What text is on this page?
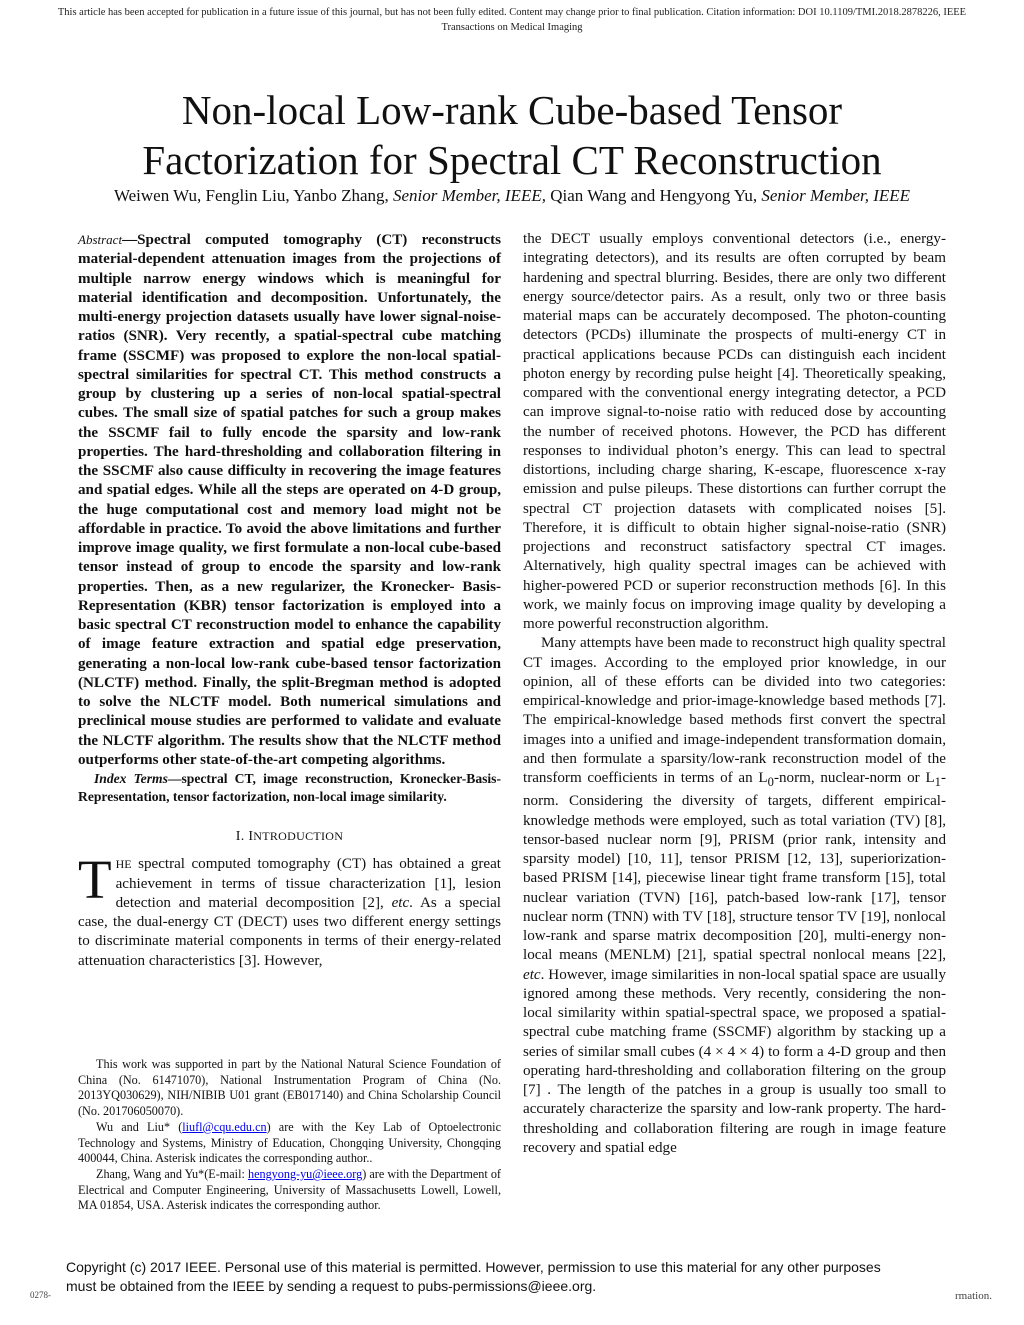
This article has been accepted for publication in a future issue of this journal, but has not been fully edited. Content may change prior to final publication. Citation information: DOI 10.1109/TMI.2018.2878226, IEEE
Transactions on Medical Imaging
Non-local Low-rank Cube-based Tensor
Factorization for Spectral CT Reconstruction
Weiwen Wu, Fenglin Liu, Yanbo Zhang, Senior Member, IEEE, Qian Wang and Hengyong Yu, Senior Member, IEEE

Abstract—Spectral computed tomography (CT) reconstructs material-dependent attenuation images from the projections of multiple narrow energy windows which is meaningful for material identification and decomposition. Unfortunately, the multi-energy projection datasets usually have lower signal-noise-ratios (SNR). Very recently, a spatial-spectral cube matching frame (SSCMF) was proposed to explore the non-local spatial-spectral similarities for spectral CT. This method constructs a group by clustering up a series of non-local spatial-spectral cubes. The small size of spatial patches for such a group makes the SSCMF fail to fully encode the sparsity and low-rank properties. The hard-thresholding and collaboration filtering in the SSCMF also cause difficulty in recovering the image features and spatial edges. While all the steps are operated on 4-D group, the huge computational cost and memory load might not be affordable in practice. To avoid the above limitations and further improve image quality, we first formulate a non-local cube-based tensor instead of group to encode the sparsity and low-rank properties. Then, as a new regularizer, the Kronecker- Basis-Representation (KBR) tensor factorization is employed into a basic spectral CT reconstruction model to enhance the capability of image feature extraction and spatial edge preservation, generating a non-local low-rank cube-based tensor factorization (NLCTF) method. Finally, the split-Bregman method is adopted to solve the NLCTF model. Both numerical simulations and preclinical mouse studies are performed to validate and evaluate the NLCTF algorithm. The results show that the NLCTF method outperforms other state-of-the-art competing algorithms.

Index Terms—spectral CT, image reconstruction, Kronecker-Basis-Representation, tensor factorization, non-local image similarity.

I. INTRODUCTION

THE spectral computed tomography (CT) has obtained a great achievement in terms of tissue characterization [1], lesion detection and material decomposition [2], etc. As a special case, the dual-energy CT (DECT) uses two different energy settings to discriminate material components in terms of their energy-related attenuation characteristics [3]. However,

This work was supported in part by the National Natural Science Foundation of China (No. 61471070), National Instrumentation Program of China (No. 2013YQ030629), NIH/NIBIB U01 grant (EB017140) and China Scholarship Council (No. 201706050070).

Wu and Liu* (liufl@cqu.edu.cn) are with the Key Lab of Optoelectronic Technology and Systems, Ministry of Education, Chongqing University, Chongqing 400044, China. Asterisk indicates the corresponding author..

Zhang, Wang and Yu*(E-mail: hengyong-yu@ieee.org) are with the Department of Electrical and Computer Engineering, University of Massachusetts Lowell, Lowell, MA 01854, USA. Asterisk indicates the corresponding author.

the DECT usually employs conventional detectors (i.e., energy-integrating detectors), and its results are often corrupted by beam hardening and spectral blurring. Besides, there are only two different energy source/detector pairs. As a result, only two or three basis material maps can be accurately decomposed. The photon-counting detectors (PCDs) illuminate the prospects of multi-energy CT in practical applications because PCDs can distinguish each incident photon energy by recording pulse height [4]. Theoretically speaking, compared with the conventional energy integrating detector, a PCD can improve signal-to-noise ratio with reduced dose by accounting the number of received photons. However, the PCD has different responses to individual photon’s energy. This can lead to spectral distortions, including charge sharing, K-escape, fluorescence x-ray emission and pulse pileups. These distortions can further corrupt the spectral CT projection datasets with complicated noises [5]. Therefore, it is difficult to obtain higher signal-noise-ratio (SNR) projections and reconstruct satisfactory spectral CT images. Alternatively, high quality spectral images can be achieved with higher-powered PCD or superior reconstruction methods [6]. In this work, we mainly focus on improving image quality by developing a more powerful reconstruction algorithm.

Many attempts have been made to reconstruct high quality spectral CT images. According to the employed prior knowledge, in our opinion, all of these efforts can be divided into two categories: empirical-knowledge and prior-image-knowledge based methods [7]. The empirical-knowledge based methods first convert the spectral images into a unified and image-independent transformation domain, and then formulate a sparsity/low-rank reconstruction model of the transform coefficients in terms of an $L_0$-norm, nuclear-norm or $L_1$-norm. Considering the diversity of targets, different empirical-knowledge methods were employed, such as total variation (TV) [8], tensor-based nuclear norm [9], PRISM (prior rank, intensity and sparsity model) [10, 11], tensor PRISM [12, 13], superiorization-based PRISM [14], piecewise linear tight frame transform [15], total nuclear variation (TVN) [16], patch-based low-rank [17], tensor nuclear norm (TNN) with TV [18], structure tensor TV [19], nonlocal low-rank and sparse matrix decomposition [20], multi-energy non-local means (MENLM) [21], spatial spectral nonlocal means [22], etc. However, image similarities in non-local spatial space are usually ignored among these methods. Very recently, considering the non-local similarity within spatial-spectral space, we proposed a spatial-spectral cube matching frame (SSCMF) algorithm by stacking up a series of similar small cubes (4 × 4 × 4) to form a 4-D group and then operating hard-thresholding and collaboration filtering on the group [7] . The length of the patches in a group is usually too small to accurately characterize the sparsity and low-rank property. The hard-thresholding and collaboration filtering are rough in image feature recovery and spatial edge

Copyright (c) 2017 IEEE. Personal use of this material is permitted. However, permission to use this material for any other purposes
must be obtained from the IEEE by sending a request to pubs-permissions@ieee.org.
0278-	rmation.
